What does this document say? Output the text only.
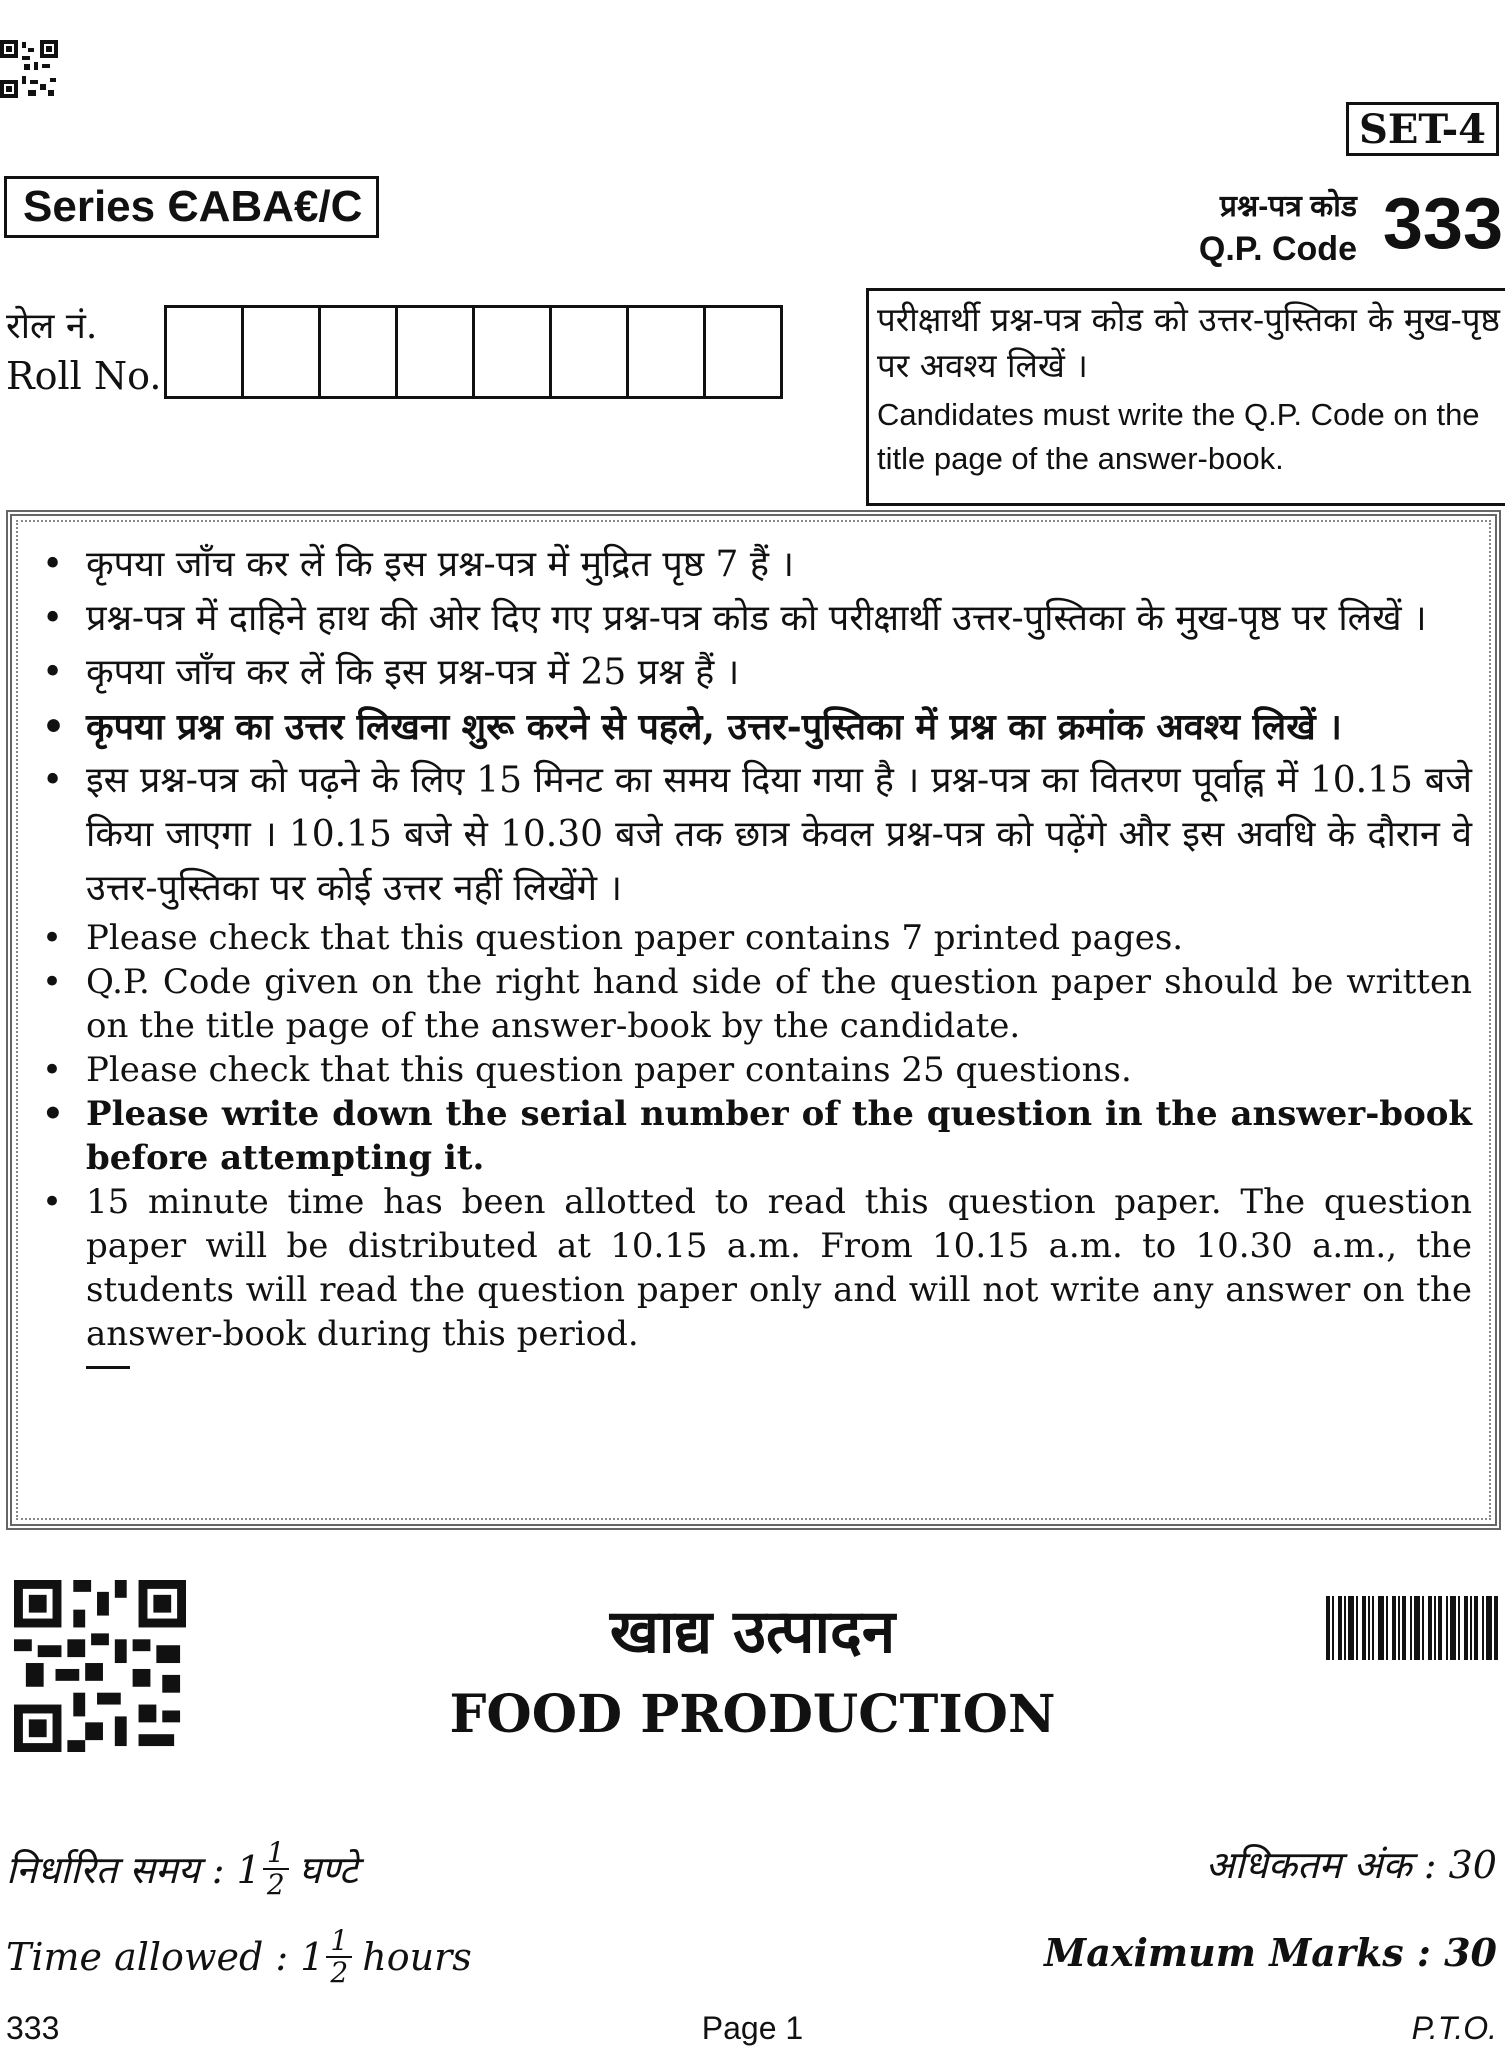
SET-4
Series ЄABA€/C	प्रश्न-पत्र कोड
Q.P. Code 333
रोल नं.
Roll No.
परीक्षार्थी प्रश्न-पत्र कोड को उत्तर-पुस्तिका के मुख-पृष्ठ पर अवश्य लिखें ।
Candidates must write the Q.P. Code on the title page of the answer-book.

• कृपया जाँच कर लें कि इस प्रश्न-पत्र में मुद्रित पृष्ठ 7 हैं ।

• प्रश्न-पत्र में दाहिने हाथ की ओर दिए गए प्रश्न-पत्र कोड को परीक्षार्थी उत्तर-पुस्तिका के मुख-पृष्ठ पर लिखें ।

• कृपया जाँच कर लें कि इस प्रश्न-पत्र में 25 प्रश्न हैं ।

• कृपया प्रश्न का उत्तर लिखना शुरू करने से पहले, उत्तर-पुस्तिका में प्रश्न का क्रमांक अवश्य लिखें ।

• इस प्रश्न-पत्र को पढ़ने के लिए 15 मिनट का समय दिया गया है । प्रश्न-पत्र का वितरण पूर्वाह्न में 10.15 बजे किया जाएगा । 10.15 बजे से 10.30 बजे तक छात्र केवल प्रश्न-पत्र को पढ़ेंगे और इस अवधि के दौरान वे उत्तर-पुस्तिका पर कोई उत्तर नहीं लिखेंगे ।

• Please check that this question paper contains 7 printed pages.

• Q.P. Code given on the right hand side of the question paper should be written on the title page of the answer-book by the candidate.

• Please check that this question paper contains 25 questions.

• Please write down the serial number of the question in the answer-book before attempting it.

• 15 minute time has been allotted to read this question paper. The question paper will be distributed at 10.15 a.m. From 10.15 a.m. to 10.30 a.m., the students will read the question paper only and will not write any answer on the answer-book during this period.

खाद्य उत्पादन
FOOD PRODUCTION
निर्धारित समय : $1 \frac{1}{2}$ घण्टे
Time allowed : $1 \frac{1}{2}$ hours
अधिकतम अंक : 30
Maximum Marks : 30
333	Page 1	P.T.O.
